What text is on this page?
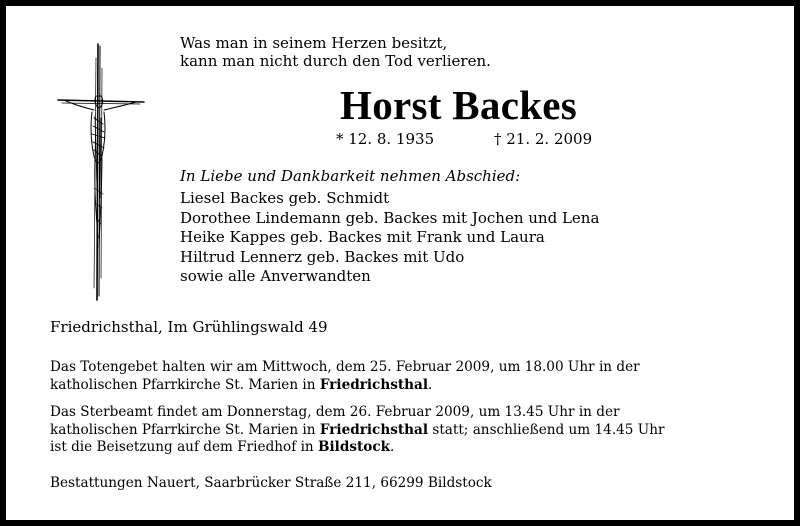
Was man in seinem Herzen besitzt,
kann man nicht durch den Tod verlieren.
Horst Backes
* 12. 8. 1935	† 21. 2. 2009
In Liebe und Dankbarkeit nehmen Abschied:
Liesel Backes geb. Schmidt
Dorothee Lindemann geb. Backes mit Jochen und Lena
Heike Kappes geb. Backes mit Frank und Laura
Hiltrud Lennerz geb. Backes mit Udo
sowie alle Anverwandten
Friedrichsthal, Im Grühlingswald 49
Das Totengebet halten wir am Mittwoch, dem 25. Februar 2009, um 18.00 Uhr in der
katholischen Pfarrkirche St. Marien in Friedrichsthal.
Das Sterbeamt findet am Donnerstag, dem 26. Februar 2009, um 13.45 Uhr in der
katholischen Pfarrkirche St. Marien in Friedrichsthal statt; anschließend um 14.45 Uhr
ist die Beisetzung auf dem Friedhof in Bildstock.
Bestattungen Nauert, Saarbrücker Straße 211, 66299 Bildstock
